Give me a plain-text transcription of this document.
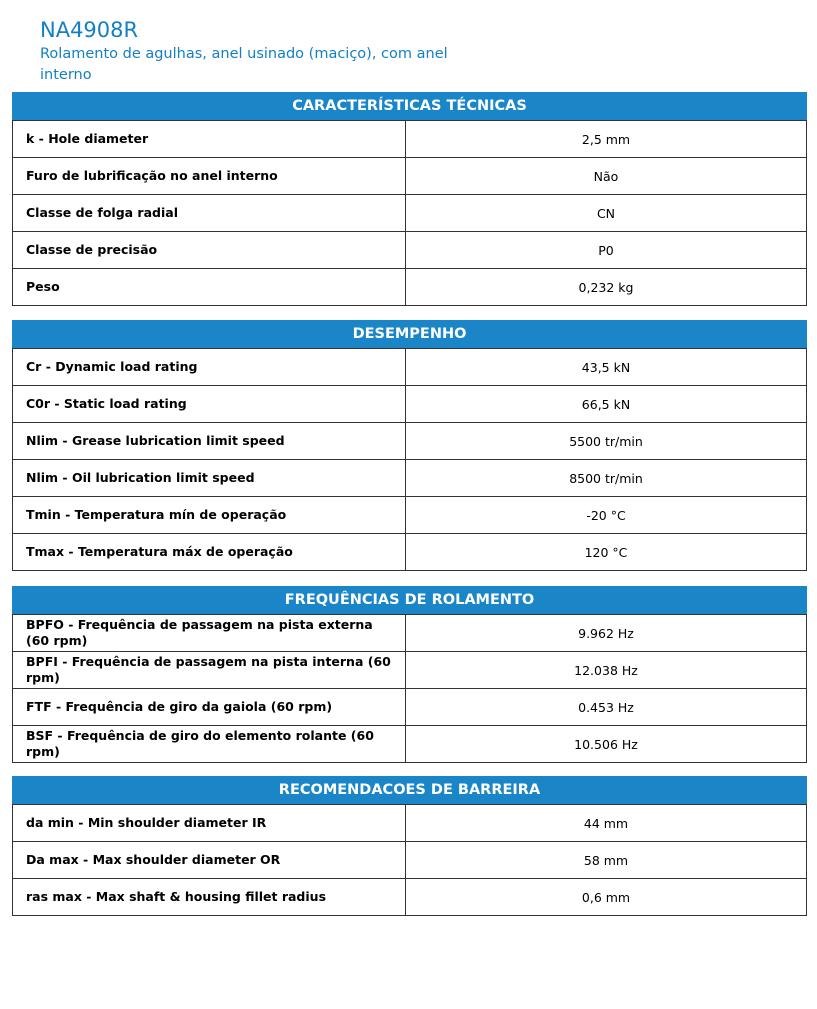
NA4908R

Rolamento de agulhas, anel usinado (maciço), com anel interno

CARACTERÍSTICAS TÉCNICAS
k - Hole diameter	2,5 mm
Furo de lubrificação no anel interno	Não
Classe de folga radial	CN
Classe de precisão	P0
Peso	0,232 kg
DESEMPENHO
Cr - Dynamic load rating	43,5 kN
C0r - Static load rating	66,5 kN
Nlim - Grease lubrication limit speed	5500 tr/min
Nlim - Oil lubrication limit speed	8500 tr/min
Tmin - Temperatura mín de operação	-20 °C
Tmax - Temperatura máx de operação	120 °C
FREQUÊNCIAS DE ROLAMENTO
BPFO - Frequência de passagem na pista externa (60 rpm)	9.962 Hz
BPFI - Frequência de passagem na pista interna (60 rpm)	12.038 Hz
FTF - Frequência de giro da gaiola (60 rpm)	0.453 Hz
BSF - Frequência de giro do elemento rolante (60 rpm)	10.506 Hz
RECOMENDACOES DE BARREIRA
da min - Min shoulder diameter IR	44 mm
Da max - Max shoulder diameter OR	58 mm
ras max - Max shaft & housing fillet radius	0,6 mm
